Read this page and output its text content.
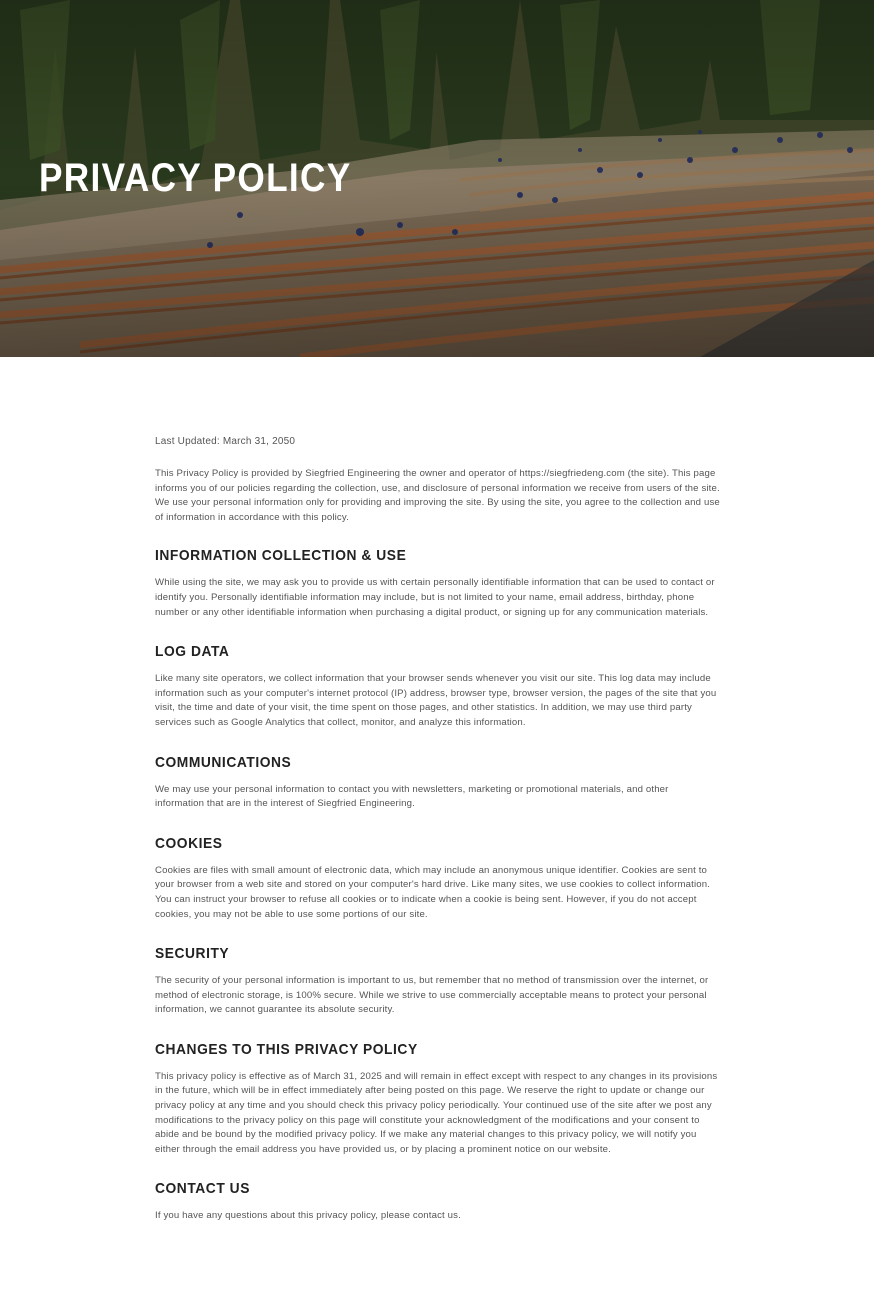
PRIVACY POLICY
Last Updated: March 31, 2050

This Privacy Policy is provided by Siegfried Engineering the owner and operator of https://siegfriedeng.com (the site). This page informs you of our policies regarding the collection, use, and disclosure of personal information we receive from users of the site. We use your personal information only for providing and improving the site. By using the site, you agree to the collection and use of information in accordance with this policy.

INFORMATION COLLECTION & USE

While using the site, we may ask you to provide us with certain personally identifiable information that can be used to contact or identify you. Personally identifiable information may include, but is not limited to your name, email address, birthday, phone number or any other identifiable information when purchasing a digital product, or signing up for any communication materials.

LOG DATA

Like many site operators, we collect information that your browser sends whenever you visit our site. This log data may include information such as your computer's internet protocol (IP) address, browser type, browser version, the pages of the site that you visit, the time and date of your visit, the time spent on those pages, and other statistics. In addition, we may use third party services such as Google Analytics that collect, monitor, and analyze this information.

COMMUNICATIONS

We may use your personal information to contact you with newsletters, marketing or promotional materials, and other information that are in the interest of Siegfried Engineering.

COOKIES

Cookies are files with small amount of electronic data, which may include an anonymous unique identifier. Cookies are sent to your browser from a web site and stored on your computer's hard drive. Like many sites, we use cookies to collect information. You can instruct your browser to refuse all cookies or to indicate when a cookie is being sent. However, if you do not accept cookies, you may not be able to use some portions of our site.

SECURITY

The security of your personal information is important to us, but remember that no method of transmission over the internet, or method of electronic storage, is 100% secure. While we strive to use commercially acceptable means to protect your personal information, we cannot guarantee its absolute security.

CHANGES TO THIS PRIVACY POLICY

This privacy policy is effective as of March 31, 2025 and will remain in effect except with respect to any changes in its provisions in the future, which will be in effect immediately after being posted on this page. We reserve the right to update or change our privacy policy at any time and you should check this privacy policy periodically. Your continued use of the site after we post any modifications to the privacy policy on this page will constitute your acknowledgment of the modifications and your consent to abide and be bound by the modified privacy policy. If we make any material changes to this privacy policy, we will notify you either through the email address you have provided us, or by placing a prominent notice on our website.

CONTACT US

If you have any questions about this privacy policy, please contact us.
